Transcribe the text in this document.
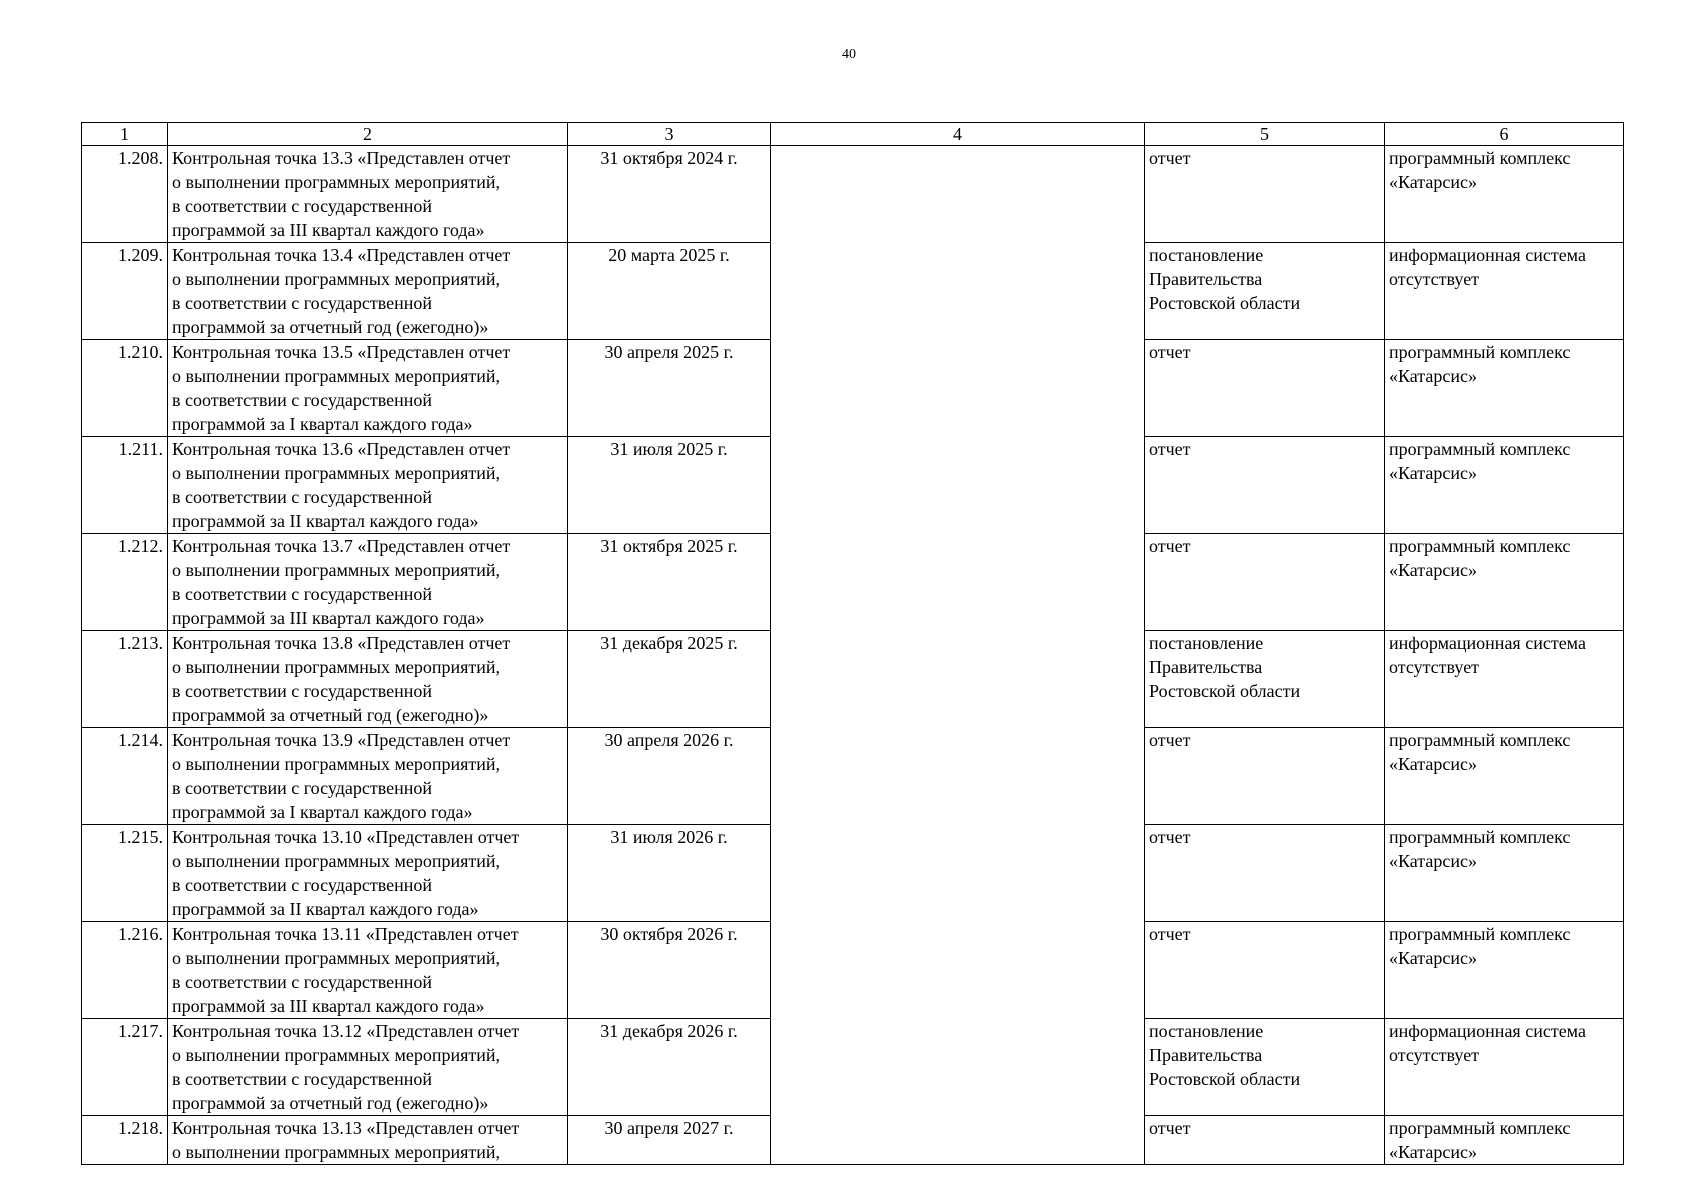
40
1	2	3	4	5	6
1.208.	Контрольная точка 13.3 «Представлен отчет
о выполнении программных мероприятий,
в соответствии с государственной
программой за III квартал каждого года»	31 октября 2024 г.		отчет	программный комплекс
«Катарсис»
1.209.	Контрольная точка 13.4 «Представлен отчет
о выполнении программных мероприятий,
в соответствии с государственной
программой за отчетный год (ежегодно)»	20 марта 2025 г.		постановление
Правительства
Ростовской области	информационная система
отсутствует
1.210.	Контрольная точка 13.5 «Представлен отчет
о выполнении программных мероприятий,
в соответствии с государственной
программой за I квартал каждого года»	30 апреля 2025 г.		отчет	программный комплекс
«Катарсис»
1.211.	Контрольная точка 13.6 «Представлен отчет
о выполнении программных мероприятий,
в соответствии с государственной
программой за II квартал каждого года»	31 июля 2025 г.		отчет	программный комплекс
«Катарсис»
1.212.	Контрольная точка 13.7 «Представлен отчет
о выполнении программных мероприятий,
в соответствии с государственной
программой за III квартал каждого года»	31 октября 2025 г.		отчет	программный комплекс
«Катарсис»
1.213.	Контрольная точка 13.8 «Представлен отчет
о выполнении программных мероприятий,
в соответствии с государственной
программой за отчетный год (ежегодно)»	31 декабря 2025 г.		постановление
Правительства
Ростовской области	информационная система
отсутствует
1.214.	Контрольная точка 13.9 «Представлен отчет
о выполнении программных мероприятий,
в соответствии с государственной
программой за I квартал каждого года»	30 апреля 2026 г.		отчет	программный комплекс
«Катарсис»
1.215.	Контрольная точка 13.10 «Представлен отчет
о выполнении программных мероприятий,
в соответствии с государственной
программой за II квартал каждого года»	31 июля 2026 г.		отчет	программный комплекс
«Катарсис»
1.216.	Контрольная точка 13.11 «Представлен отчет
о выполнении программных мероприятий,
в соответствии с государственной
программой за III квартал каждого года»	30 октября 2026 г.		отчет	программный комплекс
«Катарсис»
1.217.	Контрольная точка 13.12 «Представлен отчет
о выполнении программных мероприятий,
в соответствии с государственной
программой за отчетный год (ежегодно)»	31 декабря 2026 г.		постановление
Правительства
Ростовской области	информационная система
отсутствует
1.218.	Контрольная точка 13.13 «Представлен отчет
о выполнении программных мероприятий,	30 апреля 2027 г.		отчет	программный комплекс
«Катарсис»
